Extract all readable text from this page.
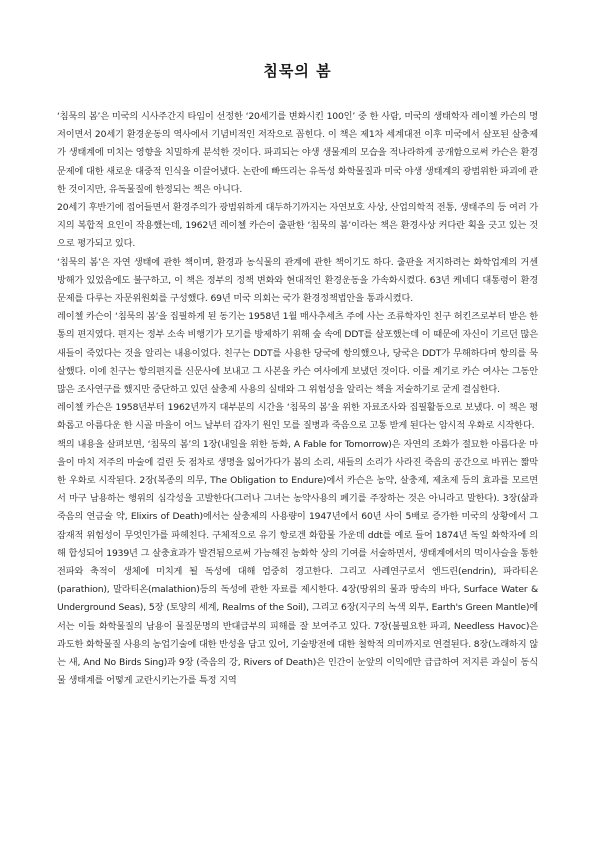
침묵의 봄

‘침묵의 봄’은 미국의 시사주간지 타임이 선정한 ‘20세기를 변화시킨 100인’ 중 한 사람, 미국의 생태학자 레이첼 카슨의 명저이면서 20세기 환경운동의 역사에서 기념비적인 저작으로 꼽힌다. 이 책은 제1차 세계대전 이후 미국에서 살포된 살충제가 생태계에 미치는 영향을 치밀하게 분석한 것이다. 파괴되는 야생 생물계의 모습을 적나라하게 공개함으로써 카슨은 환경문제에 대한 새로운 대중적 인식을 이끌어냈다. 논란에 빠뜨리는 유독성 화학물질과 미국 야생 생태계의 광범위한 파괴에 관한 것이지만, 유독물질에 한정되는 책은 아니다.

20세기 후반기에 접어들면서 환경주의가 광범위하게 대두하기까지는 자연보호 사상, 산업의학적 전통, 생태주의 등 여러 가지의 복합적 요인이 작용했는데, 1962년 레이첼 카슨이 출판한 ‘침묵의 봄’이라는 책은 환경사상 커다란 획을 긋고 있는 것으로 평가되고 있다.

‘침묵의 봄’은 자연 생태에 관한 책이며, 환경과 농식물의 관계에 관한 책이기도 하다. 출판을 저지하려는 화학업계의 거센 방해가 있었음에도 불구하고, 이 책은 정부의 정책 변화와 현대적인 환경운동을 가속화시켰다. 63년 케네디 대통령이 환경문제를 다루는 자문위원회를 구성했다. 69년 미국 의회는 국가 환경정책법안을 통과시켰다.

레이첼 카슨이 ‘침묵의 봄’을 집필하게 된 동기는 1958년 1월 매사추세츠 주에 사는 조류학자인 친구 허킨즈로부터 받은 한통의 편지였다. 편지는 정부 소속 비행기가 모기를 방제하기 위해 숲 속에 DDT를 살포했는데 이 때문에 자신이 기르던 많은 새들이 죽었다는 것을 알리는 내용이었다. 친구는 DDT를 사용한 당국에 항의했으나, 당국은 DDT가 무해하다며 항의를 묵살했다. 이에 친구는 항의편지를 신문사에 보내고 그 사본을 카슨 여사에게 보냈던 것이다. 이를 계기로 카슨 여사는 그동안 많은 조사연구를 했지만 중단하고 있던 살충제 사용의 실태와 그 위험성을 알리는 책을 저술하기로 굳게 결심한다.

레이첼 카슨은 1958년부터 1962년까지 대부분의 시간을 ‘침묵의 봄’을 위한 자료조사와 집필활동으로 보냈다. 이 책은 평화롭고 아름다운 한 시골 마을이 어느 날부터 갑자기 원인 모를 질병과 죽음으로 고통 받게 된다는 암시적 우화로 시작한다.

책의 내용을 살펴보면, ‘침묵의 봄’의 1장(내일을 위한 동화, A Fable for Tomorrow)은 자연의 조화가 절묘한 아름다운 마을이 마치 저주의 마술에 걸린 듯 점차로 생명을 잃어가다가 봄의 소리, 새들의 소리가 사라진 죽음의 공간으로 바뀌는 짧막한 우화로 시작된다. 2장(복종의 의무, The Obligation to Endure)에서 카슨은 농약, 살충제, 제초제 등의 효과를 모르면서 마구 남용하는 행위의 심각성을 고발한다(그러나 그녀는 농약사용의 폐기를 주장하는 것은 아니라고 말한다). 3장(삶과 죽음의 연금술 약, Elixirs of Death)에서는 살충제의 사용량이 1947년에서 60년 사이 5배로 증가한 미국의 상황에서 그 잠재적 위험성이 무엇인가를 파헤친다. 구체적으로 유기 항로겐 화합물 가운데 ddt를 예로 들어 1874년 독일 화학자에 의해 합성되어 1939년 그 살충효과가 발견됨으로써 가능해진 농화학 상의 기여를 서술하면서, 생태계에서의 먹이사슬을 통한 전파와 축적이 생체에 미치게 될 독성에 대해 엄중히 경고한다. 그리고 사례연구로서 엔드린(endrin), 파라티온(parathion), 말라티온(malathion)등의 독성에 관한 자료를 제시한다. 4장(땅위의 물과 땅속의 바다, Surface Water & Underground Seas), 5장 (토양의 세계, Realms of the Soil), 그리고 6장(지구의 녹색 외투, Earth's Green Mantle)에서는 이들 화학물질의 남용이 물질문명의 반대급부의 피해를 잘 보여주고 있다. 7장(불필요한 파괴, Needless Havoc)은 과도한 화학물질 사용의 농업기술에 대한 반성을 담고 있어, 기술방전에 대한 철학적 의미까지로 연결된다. 8장(노래하지 않는 새, And No Birds Sing)과 9장 (죽음의 강, Rivers of Death)은 인간이 눈앞의 이익에만 급급하여 저지른 과실이 동식물 생태계를 어떻게 교란시키는가를 특정 지역
